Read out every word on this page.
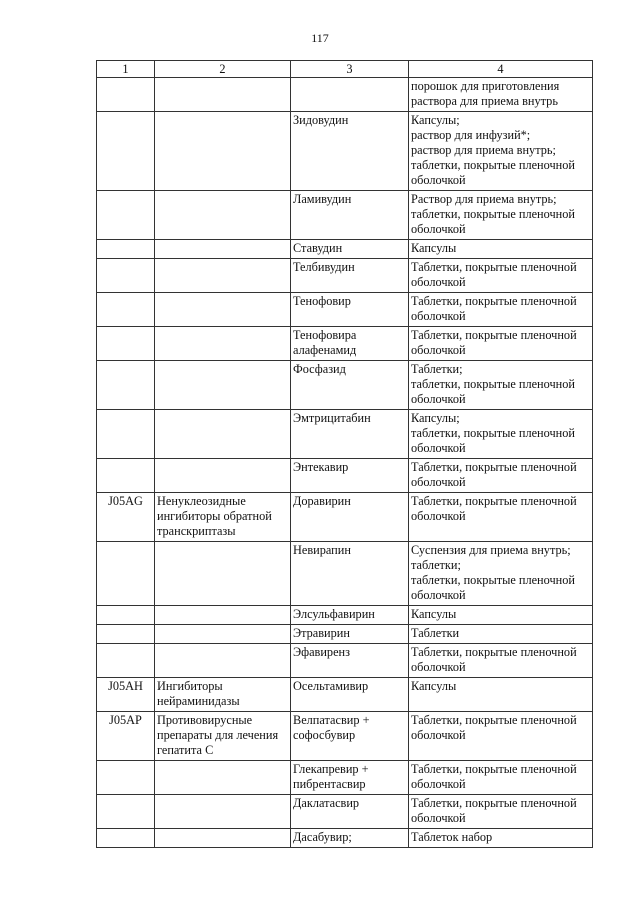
117
1	2	3	4
			порошок для приготовления
раствора для приема внутрь
		Зидовудин	Капсулы;
раствор для инфузий*;
раствор для приема внутрь;
таблетки, покрытые пленочной
оболочкой
		Ламивудин	Раствор для приема внутрь;
таблетки, покрытые пленочной
оболочкой
		Ставудин	Капсулы
		Телбивудин	Таблетки, покрытые пленочной
оболочкой
		Тенофовир	Таблетки, покрытые пленочной
оболочкой
		Тенофовира
алафенамид	Таблетки, покрытые пленочной
оболочкой
		Фосфазид	Таблетки;
таблетки, покрытые пленочной
оболочкой
		Эмтрицитабин	Капсулы;
таблетки, покрытые пленочной
оболочкой
		Энтекавир	Таблетки, покрытые пленочной
оболочкой
J05AG	Ненуклеозидные
ингибиторы обратной
транскриптазы	Доравирин	Таблетки, покрытые пленочной
оболочкой
		Невирапин	Суспензия для приема внутрь;
таблетки;
таблетки, покрытые пленочной
оболочкой
		Элсульфавирин	Капсулы
		Этравирин	Таблетки
		Эфавиренз	Таблетки, покрытые пленочной
оболочкой
J05AH	Ингибиторы
нейраминидазы	Осельтамивир	Капсулы
J05AP	Противовирусные
препараты для лечения
гепатита С	Велпатасвир +
софосбувир	Таблетки, покрытые пленочной
оболочкой
		Глекапревир +
пибрентасвир	Таблетки, покрытые пленочной
оболочкой
		Даклатасвир	Таблетки, покрытые пленочной
оболочкой
		Дасабувир;	Таблеток набор
